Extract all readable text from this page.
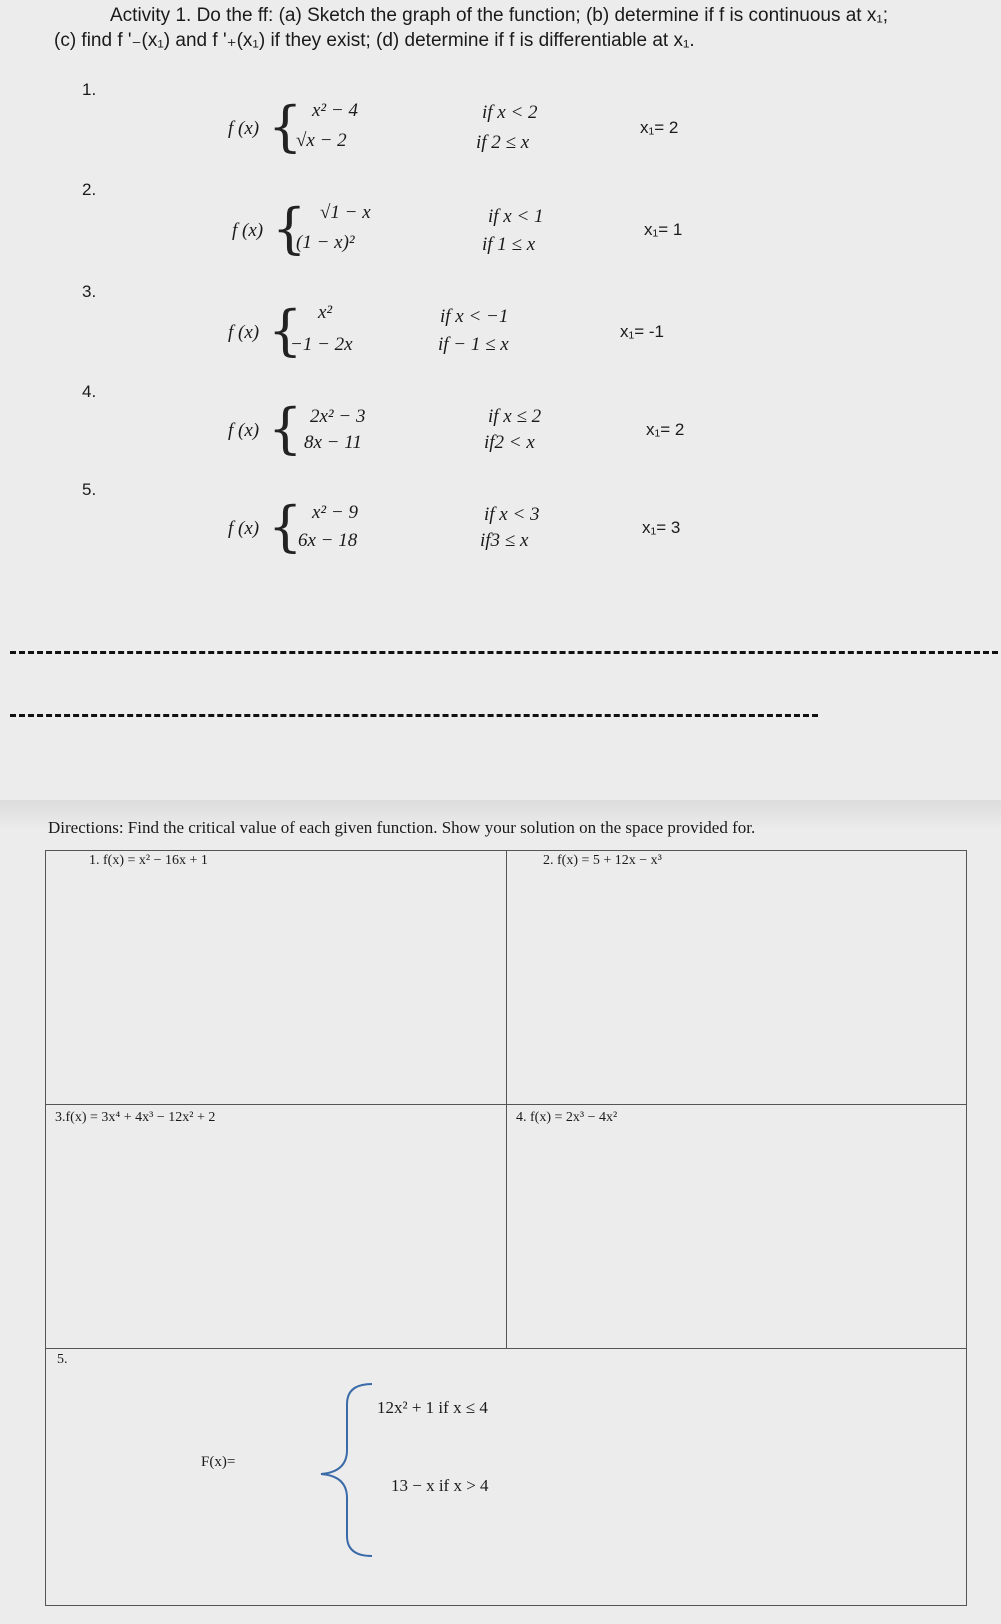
Activity 1. Do the ff: (a) Sketch the graph of the function; (b) determine if f is continuous at x₁;
(c) find f '₋(x₁) and f '₊(x₁) if they exist; (d) determine if f is differentiable at x₁.
1.
f (x) { x² − 4
√x − 2
if x < 2
if 2 ≤ x
x₁= 2
2.
f (x) { √1 − x
(1 − x)²
if x < 1
if 1 ≤ x
x₁= 1
3.
f (x) { x²
−1 − 2x
if x < −1
if − 1 ≤ x
x₁= -1
4.
f (x) { 2x² − 3
8x − 11
if x ≤ 2
if2 < x
x₁= 2
5.
f (x) { x² − 9
6x − 18
if x < 3
if3 ≤ x
x₁= 3
Directions: Find the critical value of each given function. Show your solution on the space provided for.
1. f(x) = x² − 16x + 1	2. f(x) = 5 + 12x − x³
3.f(x) = 3x⁴ + 4x³ − 12x² + 2	4. f(x) = 2x³ − 4x²
5.
F(x)=
12x² + 1 if x ≤ 4
13 − x if x > 4
